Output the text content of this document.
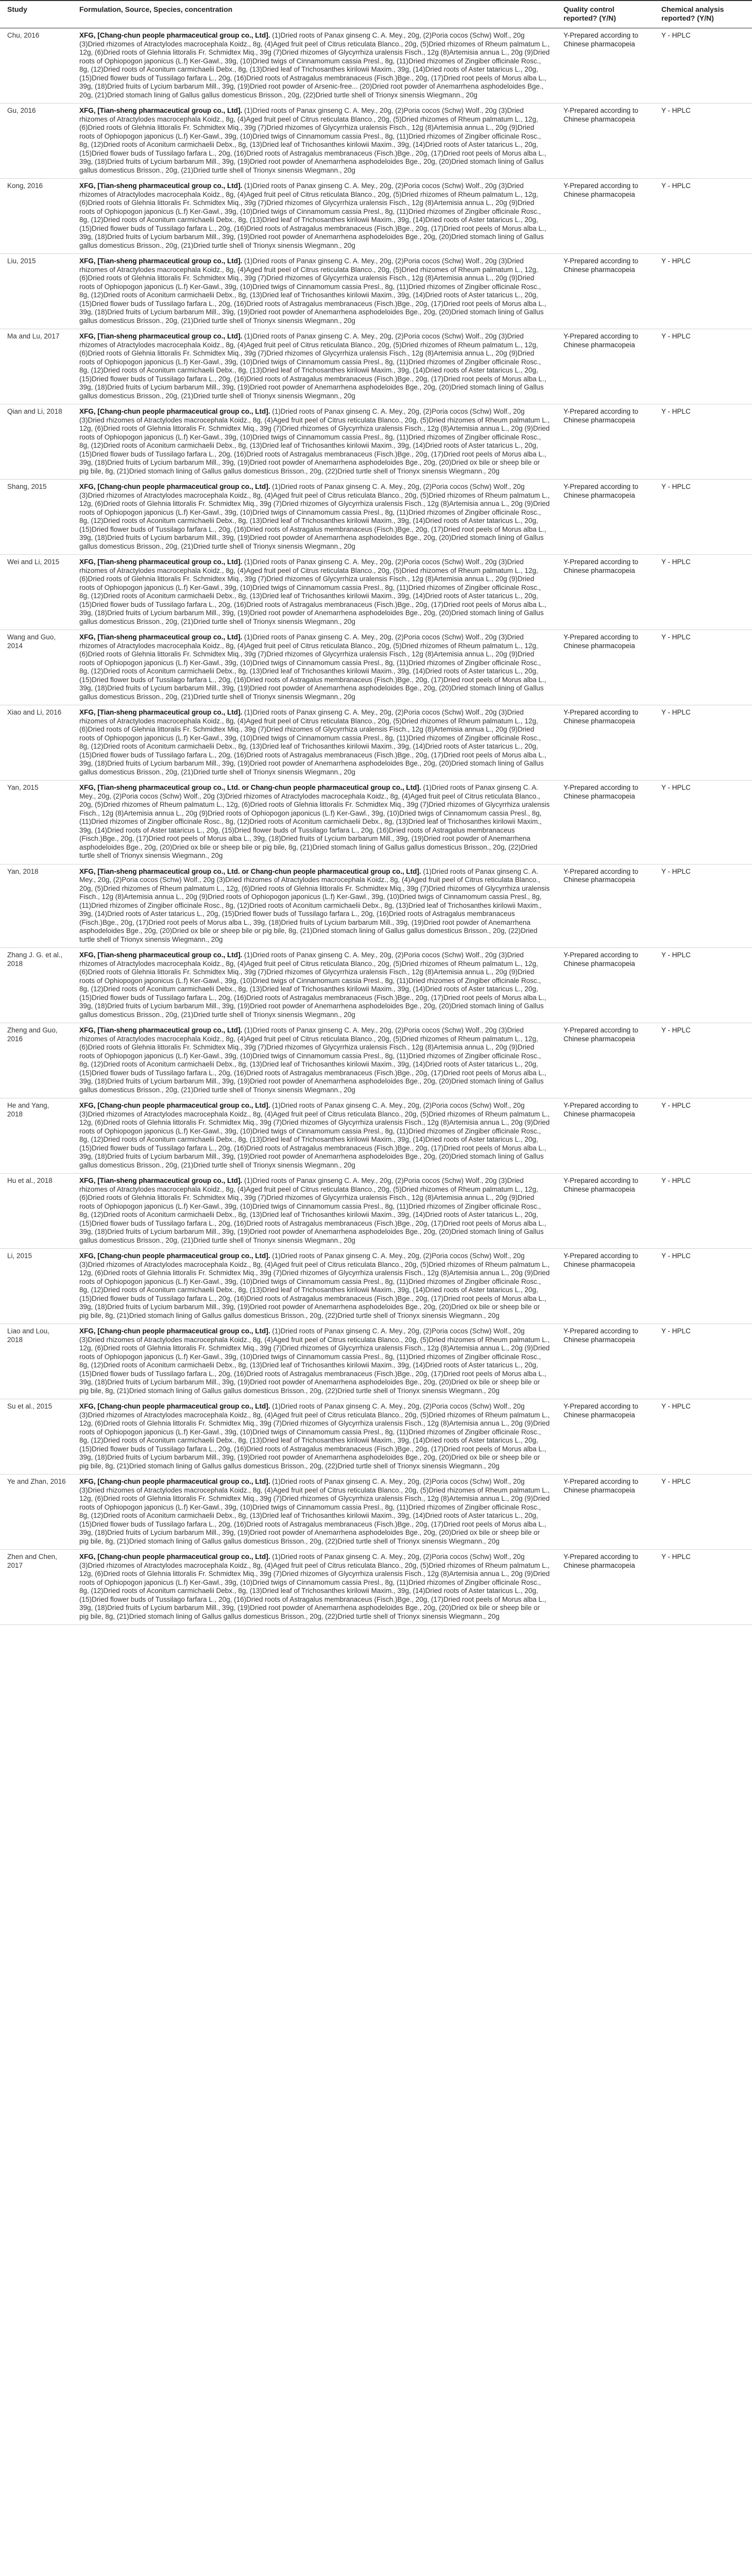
Study	Formulation, Source, Species, concentration	Quality control reported? (Y/N)	Chemical analysis reported? (Y/N)
Chu, 2016	XFG, [Chang-chun people pharmaceutical group co., Ltd]. (1)Dried roots of Panax ginseng C. A. Mey., 20g, (2)Poria cocos (Schw) Wolf., 20g (3)Dried rhizomes of Atractylodes macrocephala Koidz., 8g, (4)Aged fruit peel of Citrus reticulata Blanco., 20g, (5)Dried rhizomes of Rheum palmatum L., 12g, (6)Dried roots of Glehnia littoralis Fr. Schmidtex Miq., 39g (7)Dried rhizomes of Glycyrrhiza uralensis Fisch., 12g (8)Artemisia annua L., 20g (9)Dried roots of Ophiopogon japonicus (L.f) Ker-Gawl., 39g, (10)Dried twigs of Cinnamomum cassia Presl., 8g, (11)Dried rhizomes of Zingiber officinale Rosc., 8g, (12)Dried roots of Aconitum carmichaelii Debx., 8g, (13)Dried leaf of Trichosanthes kirilowii Maxim., 39g, (14)Dried roots of Aster tataricus L., 20g, (15)Dried flower buds of Tussilago farfara L., 20g, (16)Dried roots of Astragalus membranaceus (Fisch.)Bge., 20g, (17)Dried root peels of Morus alba L., 39g, (18)Dried fruits of Lycium barbarum Mill., 39g, (19)Dried root powder of Arsenic-free... (20)Dried root powder of Anemarrhena asphodeloides Bge., 20g, (21)Dried stomach lining of Gallus gallus domesticus Brisson., 20g, (22)Dried turtle shell of Trionyx sinensis Wiegmann., 20g	Y-Prepared according to Chinese pharmacopeia	Y - HPLC
Gu, 2016	XFG, [Tian-sheng pharmaceutical group co., Ltd]. (1)Dried roots of Panax ginseng C. A. Mey., 20g, (2)Poria cocos (Schw) Wolf., 20g (3)Dried rhizomes of Atractylodes macrocephala Koidz., 8g, (4)Aged fruit peel of Citrus reticulata Blanco., 20g, (5)Dried rhizomes of Rheum palmatum L., 12g, (6)Dried roots of Glehnia littoralis Fr. Schmidtex Miq., 39g (7)Dried rhizomes of Glycyrrhiza uralensis Fisch., 12g (8)Artemisia annua L., 20g (9)Dried roots of Ophiopogon japonicus (L.f) Ker-Gawl., 39g, (10)Dried twigs of Cinnamomum cassia Presl., 8g, (11)Dried rhizomes of Zingiber officinale Rosc., 8g, (12)Dried roots of Aconitum carmichaelii Debx., 8g, (13)Dried leaf of Trichosanthes kirilowii Maxim., 39g, (14)Dried roots of Aster tataricus L., 20g, (15)Dried flower buds of Tussilago farfara L., 20g, (16)Dried roots of Astragalus membranaceus (Fisch.)Bge., 20g, (17)Dried root peels of Morus alba L., 39g, (18)Dried fruits of Lycium barbarum Mill., 39g, (19)Dried root powder of Anemarrhena asphodeloides Bge., 20g, (20)Dried stomach lining of Gallus gallus domesticus Brisson., 20g, (21)Dried turtle shell of Trionyx sinensis Wiegmann., 20g	Y-Prepared according to Chinese pharmacopeia	Y - HPLC
Kong, 2016	XFG, [Tian-sheng pharmaceutical group co., Ltd]. (1)Dried roots of Panax ginseng C. A. Mey., 20g, (2)Poria cocos (Schw) Wolf., 20g (3)Dried rhizomes of Atractylodes macrocephala Koidz., 8g, (4)Aged fruit peel of Citrus reticulata Blanco., 20g, (5)Dried rhizomes of Rheum palmatum L., 12g, (6)Dried roots of Glehnia littoralis Fr. Schmidtex Miq., 39g (7)Dried rhizomes of Glycyrrhiza uralensis Fisch., 12g (8)Artemisia annua L., 20g (9)Dried roots of Ophiopogon japonicus (L.f) Ker-Gawl., 39g, (10)Dried twigs of Cinnamomum cassia Presl., 8g, (11)Dried rhizomes of Zingiber officinale Rosc., 8g, (12)Dried roots of Aconitum carmichaelii Debx., 8g, (13)Dried leaf of Trichosanthes kirilowii Maxim., 39g, (14)Dried roots of Aster tataricus L., 20g, (15)Dried flower buds of Tussilago farfara L., 20g, (16)Dried roots of Astragalus membranaceus (Fisch.)Bge., 20g, (17)Dried root peels of Morus alba L., 39g, (18)Dried fruits of Lycium barbarum Mill., 39g, (19)Dried root powder of Anemarrhena asphodeloides Bge., 20g, (20)Dried stomach lining of Gallus gallus domesticus Brisson., 20g, (21)Dried turtle shell of Trionyx sinensis Wiegmann., 20g	Y-Prepared according to Chinese pharmacopeia	Y - HPLC
Liu, 2015	XFG, [Tian-sheng pharmaceutical group co., Ltd]. (1)Dried roots of Panax ginseng C. A. Mey., 20g, (2)Poria cocos (Schw) Wolf., 20g (3)Dried rhizomes of Atractylodes macrocephala Koidz., 8g, (4)Aged fruit peel of Citrus reticulata Blanco., 20g, (5)Dried rhizomes of Rheum palmatum L., 12g, (6)Dried roots of Glehnia littoralis Fr. Schmidtex Miq., 39g (7)Dried rhizomes of Glycyrrhiza uralensis Fisch., 12g (8)Artemisia annua L., 20g (9)Dried roots of Ophiopogon japonicus (L.f) Ker-Gawl., 39g, (10)Dried twigs of Cinnamomum cassia Presl., 8g, (11)Dried rhizomes of Zingiber officinale Rosc., 8g, (12)Dried roots of Aconitum carmichaelii Debx., 8g, (13)Dried leaf of Trichosanthes kirilowii Maxim., 39g, (14)Dried roots of Aster tataricus L., 20g, (15)Dried flower buds of Tussilago farfara L., 20g, (16)Dried roots of Astragalus membranaceus (Fisch.)Bge., 20g, (17)Dried root peels of Morus alba L., 39g, (18)Dried fruits of Lycium barbarum Mill., 39g, (19)Dried root powder of Anemarrhena asphodeloides Bge., 20g, (20)Dried stomach lining of Gallus gallus domesticus Brisson., 20g, (21)Dried turtle shell of Trionyx sinensis Wiegmann., 20g	Y-Prepared according to Chinese pharmacopeia	Y - HPLC
Ma and Lu, 2017	XFG, [Tian-sheng pharmaceutical group co., Ltd]. (1)Dried roots of Panax ginseng C. A. Mey., 20g, (2)Poria cocos (Schw) Wolf., 20g (3)Dried rhizomes of Atractylodes macrocephala Koidz., 8g, (4)Aged fruit peel of Citrus reticulata Blanco., 20g, (5)Dried rhizomes of Rheum palmatum L., 12g, (6)Dried roots of Glehnia littoralis Fr. Schmidtex Miq., 39g (7)Dried rhizomes of Glycyrrhiza uralensis Fisch., 12g (8)Artemisia annua L., 20g (9)Dried roots of Ophiopogon japonicus (L.f) Ker-Gawl., 39g, (10)Dried twigs of Cinnamomum cassia Presl., 8g, (11)Dried rhizomes of Zingiber officinale Rosc., 8g, (12)Dried roots of Aconitum carmichaelii Debx., 8g, (13)Dried leaf of Trichosanthes kirilowii Maxim., 39g, (14)Dried roots of Aster tataricus L., 20g, (15)Dried flower buds of Tussilago farfara L., 20g, (16)Dried roots of Astragalus membranaceus (Fisch.)Bge., 20g, (17)Dried root peels of Morus alba L., 39g, (18)Dried fruits of Lycium barbarum Mill., 39g, (19)Dried root powder of Anemarrhena asphodeloides Bge., 20g, (20)Dried stomach lining of Gallus gallus domesticus Brisson., 20g, (21)Dried turtle shell of Trionyx sinensis Wiegmann., 20g	Y-Prepared according to Chinese pharmacopeia	Y - HPLC
Qian and Li, 2018	XFG, [Chang-chun people pharmaceutical group co., Ltd]. (1)Dried roots of Panax ginseng C. A. Mey., 20g, (2)Poria cocos (Schw) Wolf., 20g (3)Dried rhizomes of Atractylodes macrocephala Koidz., 8g, (4)Aged fruit peel of Citrus reticulata Blanco., 20g, (5)Dried rhizomes of Rheum palmatum L., 12g, (6)Dried roots of Glehnia littoralis Fr. Schmidtex Miq., 39g (7)Dried rhizomes of Glycyrrhiza uralensis Fisch., 12g (8)Artemisia annua L., 20g (9)Dried roots of Ophiopogon japonicus (L.f) Ker-Gawl., 39g, (10)Dried twigs of Cinnamomum cassia Presl., 8g, (11)Dried rhizomes of Zingiber officinale Rosc., 8g, (12)Dried roots of Aconitum carmichaelii Debx., 8g, (13)Dried leaf of Trichosanthes kirilowii Maxim., 39g, (14)Dried roots of Aster tataricus L., 20g, (15)Dried flower buds of Tussilago farfara L., 20g, (16)Dried roots of Astragalus membranaceus (Fisch.)Bge., 20g, (17)Dried root peels of Morus alba L., 39g, (18)Dried fruits of Lycium barbarum Mill., 39g, (19)Dried root powder of Anemarrhena asphodeloides Bge., 20g, (20)Dried ox bile or sheep bile or pig bile, 8g, (21)Dried stomach lining of Gallus gallus domesticus Brisson., 20g, (22)Dried turtle shell of Trionyx sinensis Wiegmann., 20g	Y-Prepared according to Chinese pharmacopeia	Y - HPLC
Shang, 2015	XFG, [Chang-chun people pharmaceutical group co., Ltd]. (1)Dried roots of Panax ginseng C. A. Mey., 20g, (2)Poria cocos (Schw) Wolf., 20g (3)Dried rhizomes of Atractylodes macrocephala Koidz., 8g, (4)Aged fruit peel of Citrus reticulata Blanco., 20g, (5)Dried rhizomes of Rheum palmatum L., 12g, (6)Dried roots of Glehnia littoralis Fr. Schmidtex Miq., 39g (7)Dried rhizomes of Glycyrrhiza uralensis Fisch., 12g (8)Artemisia annua L., 20g (9)Dried roots of Ophiopogon japonicus (L.f) Ker-Gawl., 39g, (10)Dried twigs of Cinnamomum cassia Presl., 8g, (11)Dried rhizomes of Zingiber officinale Rosc., 8g, (12)Dried roots of Aconitum carmichaelii Debx., 8g, (13)Dried leaf of Trichosanthes kirilowii Maxim., 39g, (14)Dried roots of Aster tataricus L., 20g, (15)Dried flower buds of Tussilago farfara L., 20g, (16)Dried roots of Astragalus membranaceus (Fisch.)Bge., 20g, (17)Dried root peels of Morus alba L., 39g, (18)Dried fruits of Lycium barbarum Mill., 39g, (19)Dried root powder of Anemarrhena asphodeloides Bge., 20g, (20)Dried stomach lining of Gallus gallus domesticus Brisson., 20g, (21)Dried turtle shell of Trionyx sinensis Wiegmann., 20g	Y-Prepared according to Chinese pharmacopeia	Y - HPLC
Wei and Li, 2015	XFG, [Tian-sheng pharmaceutical group co., Ltd]. (1)Dried roots of Panax ginseng C. A. Mey., 20g, (2)Poria cocos (Schw) Wolf., 20g (3)Dried rhizomes of Atractylodes macrocephala Koidz., 8g, (4)Aged fruit peel of Citrus reticulata Blanco., 20g, (5)Dried rhizomes of Rheum palmatum L., 12g, (6)Dried roots of Glehnia littoralis Fr. Schmidtex Miq., 39g (7)Dried rhizomes of Glycyrrhiza uralensis Fisch., 12g (8)Artemisia annua L., 20g (9)Dried roots of Ophiopogon japonicus (L.f) Ker-Gawl., 39g, (10)Dried twigs of Cinnamomum cassia Presl., 8g, (11)Dried rhizomes of Zingiber officinale Rosc., 8g, (12)Dried roots of Aconitum carmichaelii Debx., 8g, (13)Dried leaf of Trichosanthes kirilowii Maxim., 39g, (14)Dried roots of Aster tataricus L., 20g, (15)Dried flower buds of Tussilago farfara L., 20g, (16)Dried roots of Astragalus membranaceus (Fisch.)Bge., 20g, (17)Dried root peels of Morus alba L., 39g, (18)Dried fruits of Lycium barbarum Mill., 39g, (19)Dried root powder of Anemarrhena asphodeloides Bge., 20g, (20)Dried stomach lining of Gallus gallus domesticus Brisson., 20g, (21)Dried turtle shell of Trionyx sinensis Wiegmann., 20g	Y-Prepared according to Chinese pharmacopeia	Y - HPLC
Wang and Guo, 2014	XFG, [Tian-sheng pharmaceutical group co., Ltd]. (1)Dried roots of Panax ginseng C. A. Mey., 20g, (2)Poria cocos (Schw) Wolf., 20g (3)Dried rhizomes of Atractylodes macrocephala Koidz., 8g, (4)Aged fruit peel of Citrus reticulata Blanco., 20g, (5)Dried rhizomes of Rheum palmatum L., 12g, (6)Dried roots of Glehnia littoralis Fr. Schmidtex Miq., 39g (7)Dried rhizomes of Glycyrrhiza uralensis Fisch., 12g (8)Artemisia annua L., 20g (9)Dried roots of Ophiopogon japonicus (L.f) Ker-Gawl., 39g, (10)Dried twigs of Cinnamomum cassia Presl., 8g, (11)Dried rhizomes of Zingiber officinale Rosc., 8g, (12)Dried roots of Aconitum carmichaelii Debx., 8g, (13)Dried leaf of Trichosanthes kirilowii Maxim., 39g, (14)Dried roots of Aster tataricus L., 20g, (15)Dried flower buds of Tussilago farfara L., 20g, (16)Dried roots of Astragalus membranaceus (Fisch.)Bge., 20g, (17)Dried root peels of Morus alba L., 39g, (18)Dried fruits of Lycium barbarum Mill., 39g, (19)Dried root powder of Anemarrhena asphodeloides Bge., 20g, (20)Dried stomach lining of Gallus gallus domesticus Brisson., 20g, (21)Dried turtle shell of Trionyx sinensis Wiegmann., 20g	Y-Prepared according to Chinese pharmacopeia	Y - HPLC
Xiao and Li, 2016	XFG, [Tian-sheng pharmaceutical group co., Ltd]. (1)Dried roots of Panax ginseng C. A. Mey., 20g, (2)Poria cocos (Schw) Wolf., 20g (3)Dried rhizomes of Atractylodes macrocephala Koidz., 8g, (4)Aged fruit peel of Citrus reticulata Blanco., 20g, (5)Dried rhizomes of Rheum palmatum L., 12g, (6)Dried roots of Glehnia littoralis Fr. Schmidtex Miq., 39g (7)Dried rhizomes of Glycyrrhiza uralensis Fisch., 12g (8)Artemisia annua L., 20g (9)Dried roots of Ophiopogon japonicus (L.f) Ker-Gawl., 39g, (10)Dried twigs of Cinnamomum cassia Presl., 8g, (11)Dried rhizomes of Zingiber officinale Rosc., 8g, (12)Dried roots of Aconitum carmichaelii Debx., 8g, (13)Dried leaf of Trichosanthes kirilowii Maxim., 39g, (14)Dried roots of Aster tataricus L., 20g, (15)Dried flower buds of Tussilago farfara L., 20g, (16)Dried roots of Astragalus membranaceus (Fisch.)Bge., 20g, (17)Dried root peels of Morus alba L., 39g, (18)Dried fruits of Lycium barbarum Mill., 39g, (19)Dried root powder of Anemarrhena asphodeloides Bge., 20g, (20)Dried stomach lining of Gallus gallus domesticus Brisson., 20g, (21)Dried turtle shell of Trionyx sinensis Wiegmann., 20g	Y-Prepared according to Chinese pharmacopeia	Y - HPLC
Yan, 2015	XFG, [Tian-sheng pharmaceutical group co., Ltd. or Chang-chun people pharmaceutical group co., Ltd]. (1)Dried roots of Panax ginseng C. A. Mey., 20g, (2)Poria cocos (Schw) Wolf., 20g (3)Dried rhizomes of Atractylodes macrocephala Koidz., 8g, (4)Aged fruit peel of Citrus reticulata Blanco., 20g, (5)Dried rhizomes of Rheum palmatum L., 12g, (6)Dried roots of Glehnia littoralis Fr. Schmidtex Miq., 39g (7)Dried rhizomes of Glycyrrhiza uralensis Fisch., 12g (8)Artemisia annua L., 20g (9)Dried roots of Ophiopogon japonicus (L.f) Ker-Gawl., 39g, (10)Dried twigs of Cinnamomum cassia Presl., 8g, (11)Dried rhizomes of Zingiber officinale Rosc., 8g, (12)Dried roots of Aconitum carmichaelii Debx., 8g, (13)Dried leaf of Trichosanthes kirilowii Maxim., 39g, (14)Dried roots of Aster tataricus L., 20g, (15)Dried flower buds of Tussilago farfara L., 20g, (16)Dried roots of Astragalus membranaceus (Fisch.)Bge., 20g, (17)Dried root peels of Morus alba L., 39g, (18)Dried fruits of Lycium barbarum Mill., 39g, (19)Dried root powder of Anemarrhena asphodeloides Bge., 20g, (20)Dried ox bile or sheep bile or pig bile, 8g, (21)Dried stomach lining of Gallus gallus domesticus Brisson., 20g, (22)Dried turtle shell of Trionyx sinensis Wiegmann., 20g	Y-Prepared according to Chinese pharmacopeia	Y - HPLC
Yan, 2018	XFG, [Tian-sheng pharmaceutical group co., Ltd. or Chang-chun people pharmaceutical group co., Ltd]. (1)Dried roots of Panax ginseng C. A. Mey., 20g, (2)Poria cocos (Schw) Wolf., 20g (3)Dried rhizomes of Atractylodes macrocephala Koidz., 8g, (4)Aged fruit peel of Citrus reticulata Blanco., 20g, (5)Dried rhizomes of Rheum palmatum L., 12g, (6)Dried roots of Glehnia littoralis Fr. Schmidtex Miq., 39g (7)Dried rhizomes of Glycyrrhiza uralensis Fisch., 12g (8)Artemisia annua L., 20g (9)Dried roots of Ophiopogon japonicus (L.f) Ker-Gawl., 39g, (10)Dried twigs of Cinnamomum cassia Presl., 8g, (11)Dried rhizomes of Zingiber officinale Rosc., 8g, (12)Dried roots of Aconitum carmichaelii Debx., 8g, (13)Dried leaf of Trichosanthes kirilowii Maxim., 39g, (14)Dried roots of Aster tataricus L., 20g, (15)Dried flower buds of Tussilago farfara L., 20g, (16)Dried roots of Astragalus membranaceus (Fisch.)Bge., 20g, (17)Dried root peels of Morus alba L., 39g, (18)Dried fruits of Lycium barbarum Mill., 39g, (19)Dried root powder of Anemarrhena asphodeloides Bge., 20g, (20)Dried ox bile or sheep bile or pig bile, 8g, (21)Dried stomach lining of Gallus gallus domesticus Brisson., 20g, (22)Dried turtle shell of Trionyx sinensis Wiegmann., 20g	Y-Prepared according to Chinese pharmacopeia	Y - HPLC
Zhang J. G. et al., 2018	XFG, [Tian-sheng pharmaceutical group co., Ltd]. (1)Dried roots of Panax ginseng C. A. Mey., 20g, (2)Poria cocos (Schw) Wolf., 20g (3)Dried rhizomes of Atractylodes macrocephala Koidz., 8g, (4)Aged fruit peel of Citrus reticulata Blanco., 20g, (5)Dried rhizomes of Rheum palmatum L., 12g, (6)Dried roots of Glehnia littoralis Fr. Schmidtex Miq., 39g (7)Dried rhizomes of Glycyrrhiza uralensis Fisch., 12g (8)Artemisia annua L., 20g (9)Dried roots of Ophiopogon japonicus (L.f) Ker-Gawl., 39g, (10)Dried twigs of Cinnamomum cassia Presl., 8g, (11)Dried rhizomes of Zingiber officinale Rosc., 8g, (12)Dried roots of Aconitum carmichaelii Debx., 8g, (13)Dried leaf of Trichosanthes kirilowii Maxim., 39g, (14)Dried roots of Aster tataricus L., 20g, (15)Dried flower buds of Tussilago farfara L., 20g, (16)Dried roots of Astragalus membranaceus (Fisch.)Bge., 20g, (17)Dried root peels of Morus alba L., 39g, (18)Dried fruits of Lycium barbarum Mill., 39g, (19)Dried root powder of Anemarrhena asphodeloides Bge., 20g, (20)Dried stomach lining of Gallus gallus domesticus Brisson., 20g, (21)Dried turtle shell of Trionyx sinensis Wiegmann., 20g	Y-Prepared according to Chinese pharmacopeia	Y - HPLC
Zheng and Guo, 2016	XFG, [Tian-sheng pharmaceutical group co., Ltd]. (1)Dried roots of Panax ginseng C. A. Mey., 20g, (2)Poria cocos (Schw) Wolf., 20g (3)Dried rhizomes of Atractylodes macrocephala Koidz., 8g, (4)Aged fruit peel of Citrus reticulata Blanco., 20g, (5)Dried rhizomes of Rheum palmatum L., 12g, (6)Dried roots of Glehnia littoralis Fr. Schmidtex Miq., 39g (7)Dried rhizomes of Glycyrrhiza uralensis Fisch., 12g (8)Artemisia annua L., 20g (9)Dried roots of Ophiopogon japonicus (L.f) Ker-Gawl., 39g, (10)Dried twigs of Cinnamomum cassia Presl., 8g, (11)Dried rhizomes of Zingiber officinale Rosc., 8g, (12)Dried roots of Aconitum carmichaelii Debx., 8g, (13)Dried leaf of Trichosanthes kirilowii Maxim., 39g, (14)Dried roots of Aster tataricus L., 20g, (15)Dried flower buds of Tussilago farfara L., 20g, (16)Dried roots of Astragalus membranaceus (Fisch.)Bge., 20g, (17)Dried root peels of Morus alba L., 39g, (18)Dried fruits of Lycium barbarum Mill., 39g, (19)Dried root powder of Anemarrhena asphodeloides Bge., 20g, (20)Dried stomach lining of Gallus gallus domesticus Brisson., 20g, (21)Dried turtle shell of Trionyx sinensis Wiegmann., 20g	Y-Prepared according to Chinese pharmacopeia	Y - HPLC
He and Yang, 2018	XFG, [Chang-chun people pharmaceutical group co., Ltd]. (1)Dried roots of Panax ginseng C. A. Mey., 20g, (2)Poria cocos (Schw) Wolf., 20g (3)Dried rhizomes of Atractylodes macrocephala Koidz., 8g, (4)Aged fruit peel of Citrus reticulata Blanco., 20g, (5)Dried rhizomes of Rheum palmatum L., 12g, (6)Dried roots of Glehnia littoralis Fr. Schmidtex Miq., 39g (7)Dried rhizomes of Glycyrrhiza uralensis Fisch., 12g (8)Artemisia annua L., 20g (9)Dried roots of Ophiopogon japonicus (L.f) Ker-Gawl., 39g, (10)Dried twigs of Cinnamomum cassia Presl., 8g, (11)Dried rhizomes of Zingiber officinale Rosc., 8g, (12)Dried roots of Aconitum carmichaelii Debx., 8g, (13)Dried leaf of Trichosanthes kirilowii Maxim., 39g, (14)Dried roots of Aster tataricus L., 20g, (15)Dried flower buds of Tussilago farfara L., 20g, (16)Dried roots of Astragalus membranaceus (Fisch.)Bge., 20g, (17)Dried root peels of Morus alba L., 39g, (18)Dried fruits of Lycium barbarum Mill., 39g, (19)Dried root powder of Anemarrhena asphodeloides Bge., 20g, (20)Dried stomach lining of Gallus gallus domesticus Brisson., 20g, (21)Dried turtle shell of Trionyx sinensis Wiegmann., 20g	Y-Prepared according to Chinese pharmacopeia	Y - HPLC
Hu et al., 2018	XFG, [Tian-sheng pharmaceutical group co., Ltd]. (1)Dried roots of Panax ginseng C. A. Mey., 20g, (2)Poria cocos (Schw) Wolf., 20g (3)Dried rhizomes of Atractylodes macrocephala Koidz., 8g, (4)Aged fruit peel of Citrus reticulata Blanco., 20g, (5)Dried rhizomes of Rheum palmatum L., 12g, (6)Dried roots of Glehnia littoralis Fr. Schmidtex Miq., 39g (7)Dried rhizomes of Glycyrrhiza uralensis Fisch., 12g (8)Artemisia annua L., 20g (9)Dried roots of Ophiopogon japonicus (L.f) Ker-Gawl., 39g, (10)Dried twigs of Cinnamomum cassia Presl., 8g, (11)Dried rhizomes of Zingiber officinale Rosc., 8g, (12)Dried roots of Aconitum carmichaelii Debx., 8g, (13)Dried leaf of Trichosanthes kirilowii Maxim., 39g, (14)Dried roots of Aster tataricus L., 20g, (15)Dried flower buds of Tussilago farfara L., 20g, (16)Dried roots of Astragalus membranaceus (Fisch.)Bge., 20g, (17)Dried root peels of Morus alba L., 39g, (18)Dried fruits of Lycium barbarum Mill., 39g, (19)Dried root powder of Anemarrhena asphodeloides Bge., 20g, (20)Dried stomach lining of Gallus gallus domesticus Brisson., 20g, (21)Dried turtle shell of Trionyx sinensis Wiegmann., 20g	Y-Prepared according to Chinese pharmacopeia	Y - HPLC
Li, 2015	XFG, [Chang-chun people pharmaceutical group co., Ltd]. (1)Dried roots of Panax ginseng C. A. Mey., 20g, (2)Poria cocos (Schw) Wolf., 20g (3)Dried rhizomes of Atractylodes macrocephala Koidz., 8g, (4)Aged fruit peel of Citrus reticulata Blanco., 20g, (5)Dried rhizomes of Rheum palmatum L., 12g, (6)Dried roots of Glehnia littoralis Fr. Schmidtex Miq., 39g (7)Dried rhizomes of Glycyrrhiza uralensis Fisch., 12g (8)Artemisia annua L., 20g (9)Dried roots of Ophiopogon japonicus (L.f) Ker-Gawl., 39g, (10)Dried twigs of Cinnamomum cassia Presl., 8g, (11)Dried rhizomes of Zingiber officinale Rosc., 8g, (12)Dried roots of Aconitum carmichaelii Debx., 8g, (13)Dried leaf of Trichosanthes kirilowii Maxim., 39g, (14)Dried roots of Aster tataricus L., 20g, (15)Dried flower buds of Tussilago farfara L., 20g, (16)Dried roots of Astragalus membranaceus (Fisch.)Bge., 20g, (17)Dried root peels of Morus alba L., 39g, (18)Dried fruits of Lycium barbarum Mill., 39g, (19)Dried root powder of Anemarrhena asphodeloides Bge., 20g, (20)Dried ox bile or sheep bile or pig bile, 8g, (21)Dried stomach lining of Gallus gallus domesticus Brisson., 20g, (22)Dried turtle shell of Trionyx sinensis Wiegmann., 20g	Y-Prepared according to Chinese pharmacopeia	Y - HPLC
Liao and Lou, 2018	XFG, [Chang-chun people pharmaceutical group co., Ltd]. (1)Dried roots of Panax ginseng C. A. Mey., 20g, (2)Poria cocos (Schw) Wolf., 20g (3)Dried rhizomes of Atractylodes macrocephala Koidz., 8g, (4)Aged fruit peel of Citrus reticulata Blanco., 20g, (5)Dried rhizomes of Rheum palmatum L., 12g, (6)Dried roots of Glehnia littoralis Fr. Schmidtex Miq., 39g (7)Dried rhizomes of Glycyrrhiza uralensis Fisch., 12g (8)Artemisia annua L., 20g (9)Dried roots of Ophiopogon japonicus (L.f) Ker-Gawl., 39g, (10)Dried twigs of Cinnamomum cassia Presl., 8g, (11)Dried rhizomes of Zingiber officinale Rosc., 8g, (12)Dried roots of Aconitum carmichaelii Debx., 8g, (13)Dried leaf of Trichosanthes kirilowii Maxim., 39g, (14)Dried roots of Aster tataricus L., 20g, (15)Dried flower buds of Tussilago farfara L., 20g, (16)Dried roots of Astragalus membranaceus (Fisch.)Bge., 20g, (17)Dried root peels of Morus alba L., 39g, (18)Dried fruits of Lycium barbarum Mill., 39g, (19)Dried root powder of Anemarrhena asphodeloides Bge., 20g, (20)Dried ox bile or sheep bile or pig bile, 8g, (21)Dried stomach lining of Gallus gallus domesticus Brisson., 20g, (22)Dried turtle shell of Trionyx sinensis Wiegmann., 20g	Y-Prepared according to Chinese pharmacopeia	Y - HPLC
Su et al., 2015	XFG, [Chang-chun people pharmaceutical group co., Ltd]. (1)Dried roots of Panax ginseng C. A. Mey., 20g, (2)Poria cocos (Schw) Wolf., 20g (3)Dried rhizomes of Atractylodes macrocephala Koidz., 8g, (4)Aged fruit peel of Citrus reticulata Blanco., 20g, (5)Dried rhizomes of Rheum palmatum L., 12g, (6)Dried roots of Glehnia littoralis Fr. Schmidtex Miq., 39g (7)Dried rhizomes of Glycyrrhiza uralensis Fisch., 12g (8)Artemisia annua L., 20g (9)Dried roots of Ophiopogon japonicus (L.f) Ker-Gawl., 39g, (10)Dried twigs of Cinnamomum cassia Presl., 8g, (11)Dried rhizomes of Zingiber officinale Rosc., 8g, (12)Dried roots of Aconitum carmichaelii Debx., 8g, (13)Dried leaf of Trichosanthes kirilowii Maxim., 39g, (14)Dried roots of Aster tataricus L., 20g, (15)Dried flower buds of Tussilago farfara L., 20g, (16)Dried roots of Astragalus membranaceus (Fisch.)Bge., 20g, (17)Dried root peels of Morus alba L., 39g, (18)Dried fruits of Lycium barbarum Mill., 39g, (19)Dried root powder of Anemarrhena asphodeloides Bge., 20g, (20)Dried ox bile or sheep bile or pig bile, 8g, (21)Dried stomach lining of Gallus gallus domesticus Brisson., 20g, (22)Dried turtle shell of Trionyx sinensis Wiegmann., 20g	Y-Prepared according to Chinese pharmacopeia	Y - HPLC
Ye and Zhan, 2016	XFG, [Chang-chun people pharmaceutical group co., Ltd]. (1)Dried roots of Panax ginseng C. A. Mey., 20g, (2)Poria cocos (Schw) Wolf., 20g (3)Dried rhizomes of Atractylodes macrocephala Koidz., 8g, (4)Aged fruit peel of Citrus reticulata Blanco., 20g, (5)Dried rhizomes of Rheum palmatum L., 12g, (6)Dried roots of Glehnia littoralis Fr. Schmidtex Miq., 39g (7)Dried rhizomes of Glycyrrhiza uralensis Fisch., 12g (8)Artemisia annua L., 20g (9)Dried roots of Ophiopogon japonicus (L.f) Ker-Gawl., 39g, (10)Dried twigs of Cinnamomum cassia Presl., 8g, (11)Dried rhizomes of Zingiber officinale Rosc., 8g, (12)Dried roots of Aconitum carmichaelii Debx., 8g, (13)Dried leaf of Trichosanthes kirilowii Maxim., 39g, (14)Dried roots of Aster tataricus L., 20g, (15)Dried flower buds of Tussilago farfara L., 20g, (16)Dried roots of Astragalus membranaceus (Fisch.)Bge., 20g, (17)Dried root peels of Morus alba L., 39g, (18)Dried fruits of Lycium barbarum Mill., 39g, (19)Dried root powder of Anemarrhena asphodeloides Bge., 20g, (20)Dried ox bile or sheep bile or pig bile, 8g, (21)Dried stomach lining of Gallus gallus domesticus Brisson., 20g, (22)Dried turtle shell of Trionyx sinensis Wiegmann., 20g	Y-Prepared according to Chinese pharmacopeia	Y - HPLC
Zhen and Chen, 2017	XFG, [Chang-chun people pharmaceutical group co., Ltd]. (1)Dried roots of Panax ginseng C. A. Mey., 20g, (2)Poria cocos (Schw) Wolf., 20g (3)Dried rhizomes of Atractylodes macrocephala Koidz., 8g, (4)Aged fruit peel of Citrus reticulata Blanco., 20g, (5)Dried rhizomes of Rheum palmatum L., 12g, (6)Dried roots of Glehnia littoralis Fr. Schmidtex Miq., 39g (7)Dried rhizomes of Glycyrrhiza uralensis Fisch., 12g (8)Artemisia annua L., 20g (9)Dried roots of Ophiopogon japonicus (L.f) Ker-Gawl., 39g, (10)Dried twigs of Cinnamomum cassia Presl., 8g, (11)Dried rhizomes of Zingiber officinale Rosc., 8g, (12)Dried roots of Aconitum carmichaelii Debx., 8g, (13)Dried leaf of Trichosanthes kirilowii Maxim., 39g, (14)Dried roots of Aster tataricus L., 20g, (15)Dried flower buds of Tussilago farfara L., 20g, (16)Dried roots of Astragalus membranaceus (Fisch.)Bge., 20g, (17)Dried root peels of Morus alba L., 39g, (18)Dried fruits of Lycium barbarum Mill., 39g, (19)Dried root powder of Anemarrhena asphodeloides Bge., 20g, (20)Dried ox bile or sheep bile or pig bile, 8g, (21)Dried stomach lining of Gallus gallus domesticus Brisson., 20g, (22)Dried turtle shell of Trionyx sinensis Wiegmann., 20g	Y-Prepared according to Chinese pharmacopeia	Y - HPLC
